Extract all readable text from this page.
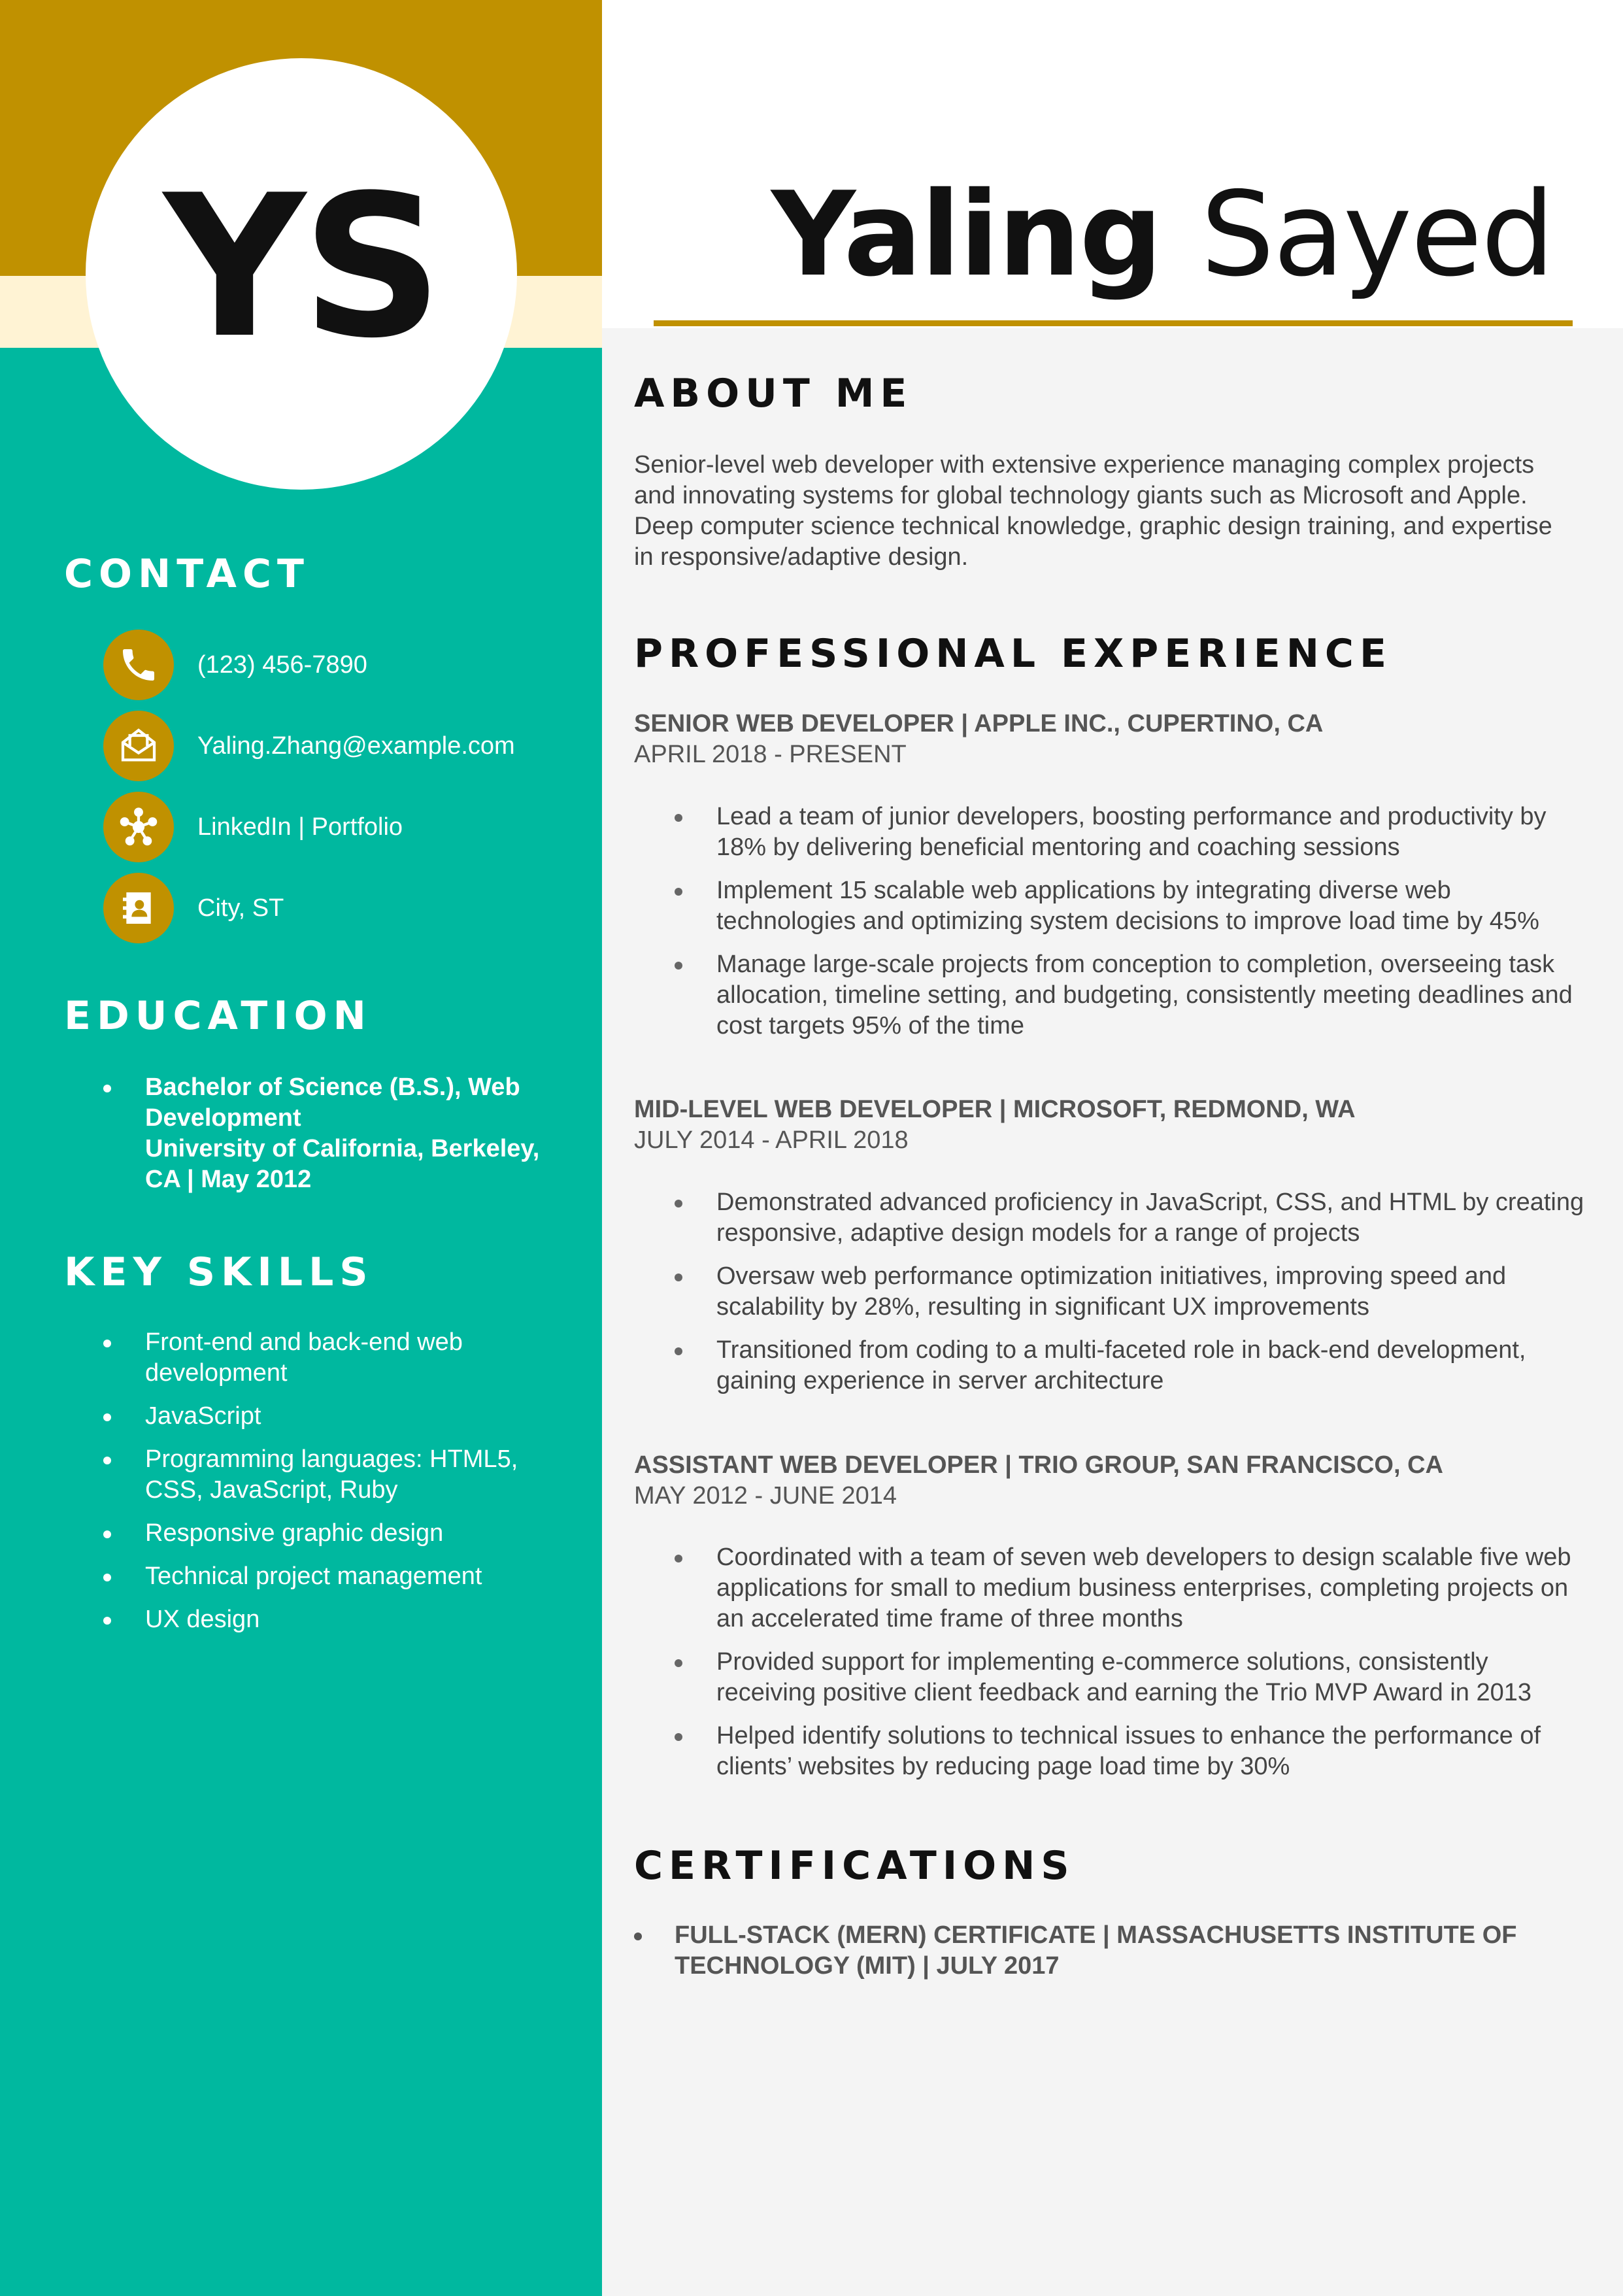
YS
CONTACT
(123) 456-7890
Yaling.Zhang@example.com
LinkedIn | Portfolio
City, ST
EDUCATION
Bachelor of Science (B.S.), Web Development
University of California, Berkeley, CA | May 2012
KEY SKILLS
Front-end and back-end web development
JavaScript
Programming languages: HTML5, CSS, JavaScript, Ruby
Responsive graphic design
Technical project management
UX design
Yaling Sayed
ABOUT ME

Senior-level web developer with extensive experience managing complex projects and innovating systems for global technology giants such as Microsoft and Apple. Deep computer science technical knowledge, graphic design training, and expertise in responsive/adaptive design.

PROFESSIONAL EXPERIENCE
SENIOR WEB DEVELOPER | APPLE INC., CUPERTINO, CA
APRIL 2018 - PRESENT
Lead a team of junior developers, boosting performance and productivity by 18% by delivering beneficial mentoring and coaching sessions
Implement 15 scalable web applications by integrating diverse web technologies and optimizing system decisions to improve load time by 45%
Manage large-scale projects from conception to completion, overseeing task allocation, timeline setting, and budgeting, consistently meeting deadlines and cost targets 95% of the time
MID-LEVEL WEB DEVELOPER | MICROSOFT, REDMOND, WA
JULY 2014 - APRIL 2018
Demonstrated advanced proficiency in JavaScript, CSS, and HTML by creating responsive, adaptive design models for a range of projects
Oversaw web performance optimization initiatives, improving speed and scalability by 28%, resulting in significant UX improvements
Transitioned from coding to a multi-faceted role in back-end development, gaining experience in server architecture
ASSISTANT WEB DEVELOPER | TRIO GROUP, SAN FRANCISCO, CA
MAY 2012 - JUNE 2014
Coordinated with a team of seven web developers to design scalable five web applications for small to medium business enterprises, completing projects on an accelerated time frame of three months
Provided support for implementing e-commerce solutions, consistently receiving positive client feedback and earning the Trio MVP Award in 2013
Helped identify solutions to technical issues to enhance the performance of clients’ websites by reducing page load time by 30%
CERTIFICATIONS
FULL-STACK (MERN) CERTIFICATE | MASSACHUSETTS INSTITUTE OF TECHNOLOGY (MIT) | JULY 2017
